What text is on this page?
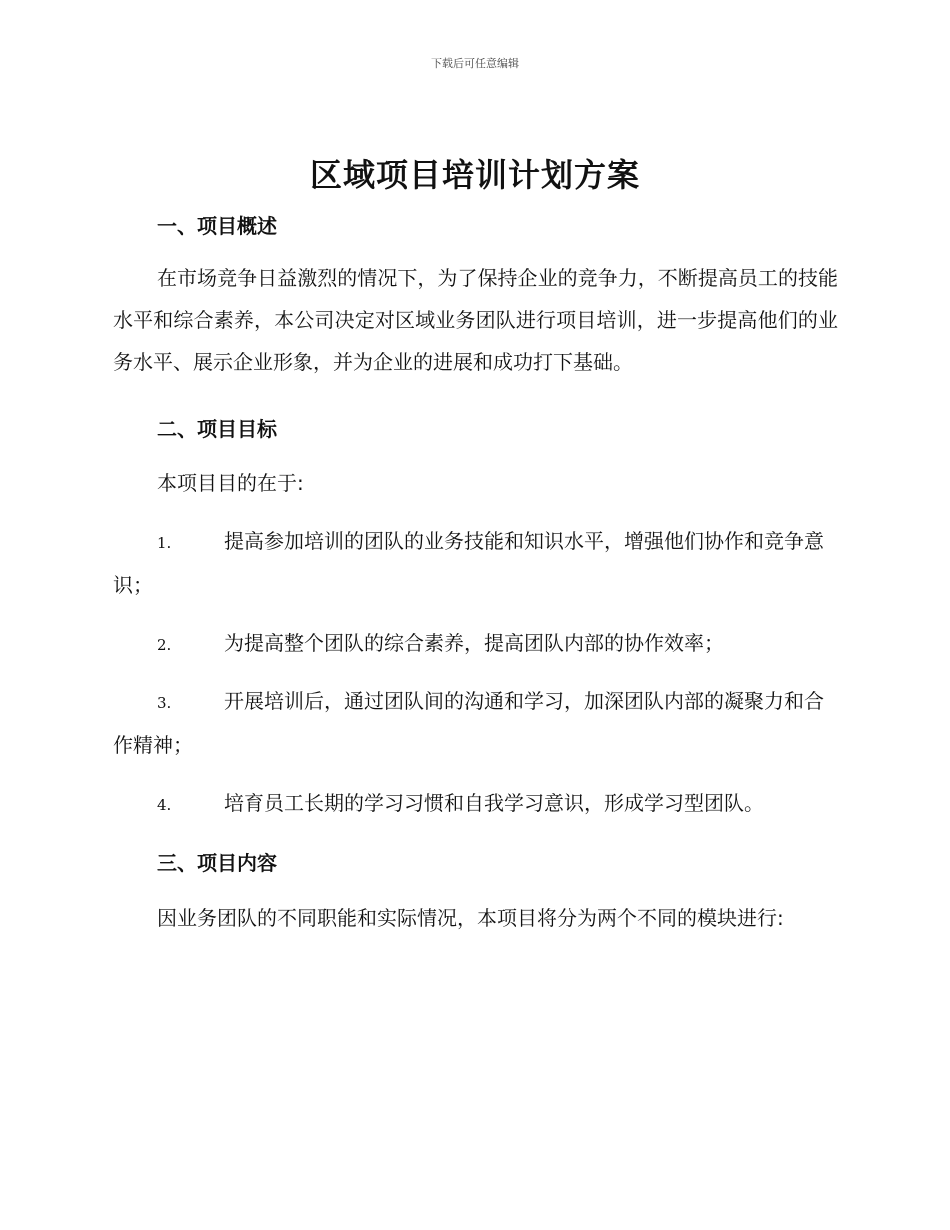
下载后可任意编辑
区域项目培训计划方案
一、项目概述

在市场竞争日益激烈的情况下，为了保持企业的竞争力，不断提高员工的技能水平和综合素养，本公司决定对区域业务团队进行项目培训，进一步提高他们的业务水平、展示企业形象，并为企业的进展和成功打下基础。

二、项目目标

本项目目的在于:

1.	提高参加培训的团队的业务技能和知识水平，增强他们协作和竞争意识；

2.	为提高整个团队的综合素养，提高团队内部的协作效率；

3.	开展培训后，通过团队间的沟通和学习，加深团队内部的凝聚力和合作精神；

4.	培育员工长期的学习习惯和自我学习意识，形成学习型团队。

三、项目内容

因业务团队的不同职能和实际情况，本项目将分为两个不同的模块进行:
